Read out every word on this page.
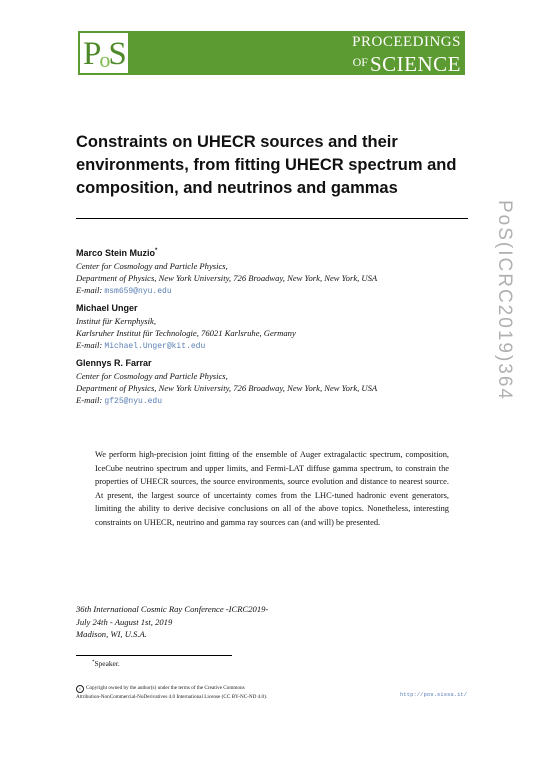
PoS	PROCEEDINGS
$^{OF}$SCIENCE
Constraints on UHECR sources and their environments, from fitting UHECR spectrum and composition, and neutrinos and gammas
Marco Stein Muzio*
Center for Cosmology and Particle Physics,
Department of Physics, New York University, 726 Broadway, New York, New York, USA
E-mail: msm659@nyu.edu
Michael Unger
Institut für Kernphysik,
Karlsruher Institut für Technologie, 76021 Karlsruhe, Germany
E-mail: Michael.Unger@kit.edu
Glennys R. Farrar
Center for Cosmology and Particle Physics,
Department of Physics, New York University, 726 Broadway, New York, New York, USA
E-mail: gf25@nyu.edu

We perform high-precision joint fitting of the ensemble of Auger extragalactic spectrum, composition, IceCube neutrino spectrum and upper limits, and Fermi-LAT diffuse gamma spectrum, to constrain the properties of UHECR sources, the source environments, source evolution and distance to nearest source. At present, the largest source of uncertainty comes from the LHC-tuned hadronic event generators, limiting the ability to derive decisive conclusions on all of the above topics. Nonetheless, interesting constraints on UHECR, neutrino and gamma ray sources can (and will) be presented.

36th International Cosmic Ray Conference -ICRC2019-
July 24th - August 1st, 2019
Madison, WI, U.S.A.
*Speaker.
c Copyright owned by the author(s) under the terms of the Creative Commons
Attribution-NonCommercial-NoDerivatives 4.0 International License (CC BY-NC-ND 4.0).	http://pos.sissa.it/
PoS(ICRC2019)364
